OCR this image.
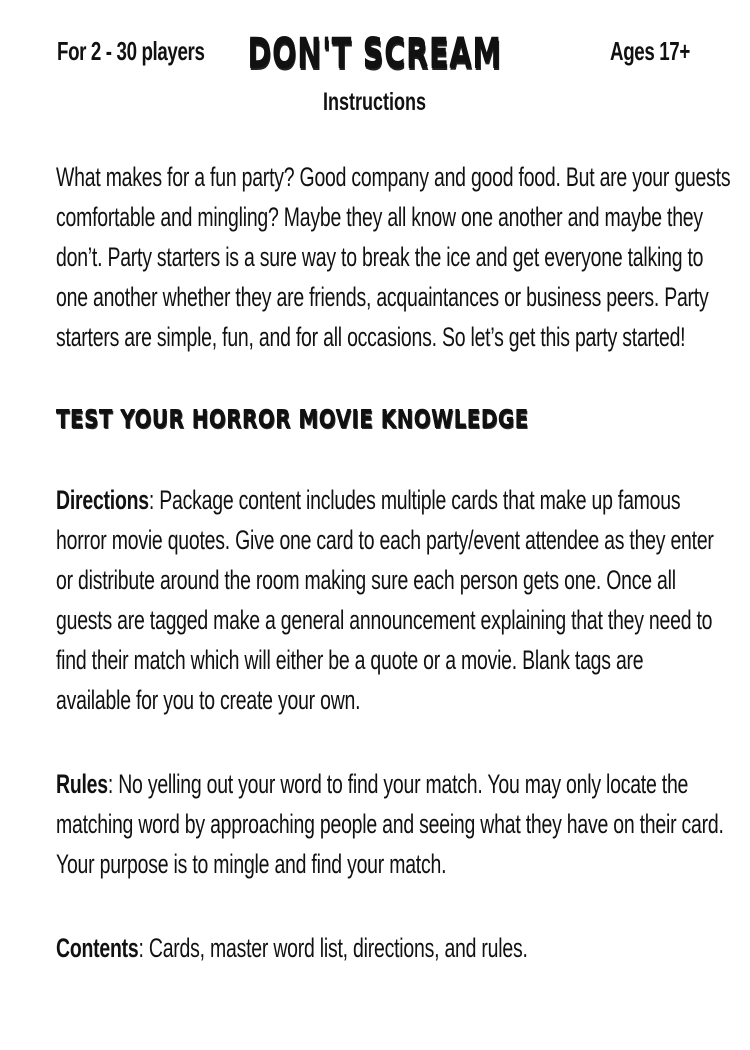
For 2 - 30 players	DON'T SCREAM	Ages 17+
Instructions
What makes for a fun party? Good company and good food. But are your guests
comfortable and mingling? Maybe they all know one another and maybe they
don’t. Party starters is a sure way to break the ice and get everyone talking to
one another whether they are friends, acquaintances or business peers. Party
starters are simple, fun, and for all occasions. So let’s get this party started!
TEST YOUR HORROR MOVIE KNOWLEDGE
Directions: Package content includes multiple cards that make up famous
horror movie quotes. Give one card to each party/event attendee as they enter
or distribute around the room making sure each person gets one. Once all
guests are tagged make a general announcement explaining that they need to
find their match which will either be a quote or a movie. Blank tags are
available for you to create your own.
Rules: No yelling out your word to find your match. You may only locate the
matching word by approaching people and seeing what they have on their card.
Your purpose is to mingle and find your match.
Contents: Cards, master word list, directions, and rules.
